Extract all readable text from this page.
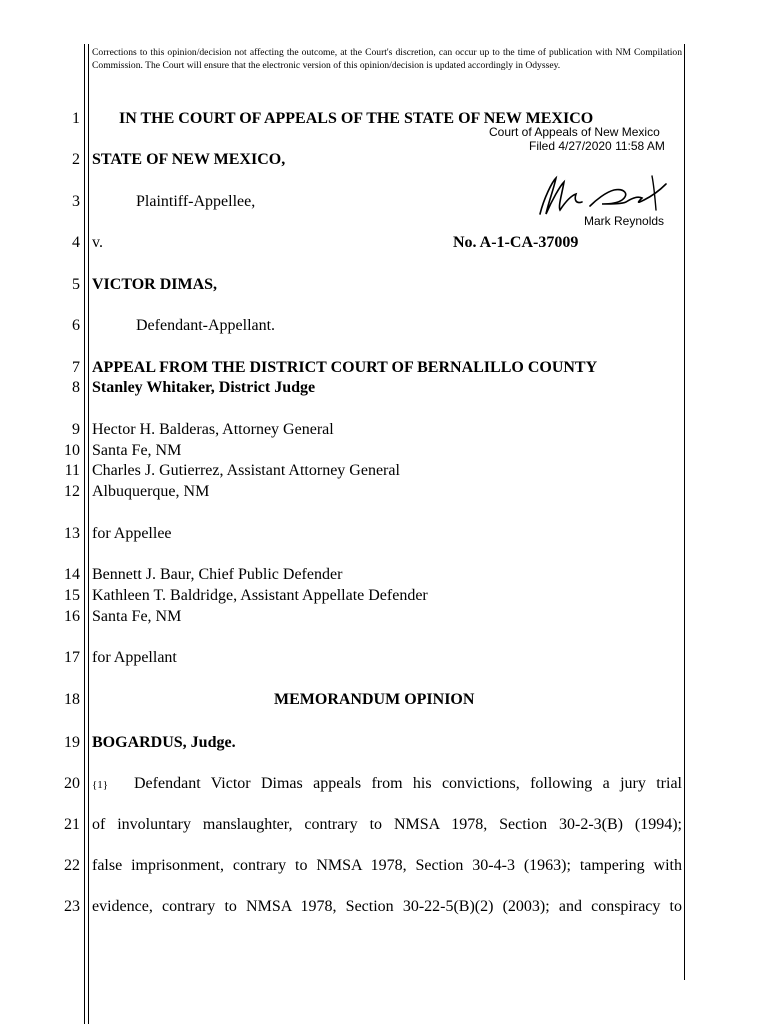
Corrections to this opinion/decision not affecting the outcome, at the Court's discretion, can occur up to the time of publication with NM Compilation Commission. The Court will ensure that the electronic version of this opinion/decision is updated accordingly in Odyssey.
1
2
3
4
5
6
7
8
9
10
11
12
13
14
15
16
17
18
19
20
21
22
23
IN THE COURT OF APPEALS OF THE STATE OF NEW MEXICO
Court of Appeals of New Mexico
Filed 4/27/2020 11:58 AM
Mark Reynolds
STATE OF NEW MEXICO,
Plaintiff-Appellee,
v.	No. A-1-CA-37009
VICTOR DIMAS,
Defendant-Appellant.
APPEAL FROM THE DISTRICT COURT OF BERNALILLO COUNTY
Stanley Whitaker, District Judge
Hector H. Balderas, Attorney General
Santa Fe, NM
Charles J. Gutierrez, Assistant Attorney General
Albuquerque, NM
for Appellee
Bennett J. Baur, Chief Public Defender
Kathleen T. Baldridge, Assistant Appellate Defender
Santa Fe, NM
for Appellant
MEMORANDUM OPINION
BOGARDUS, Judge.
{1} Defendant Victor Dimas appeals from his convictions, following a jury trial
of involuntary manslaughter, contrary to NMSA 1978, Section 30-2-3(B) (1994);
false imprisonment, contrary to NMSA 1978, Section 30-4-3 (1963); tampering with
evidence, contrary to NMSA 1978, Section 30-22-5(B)(2) (2003); and conspiracy to
